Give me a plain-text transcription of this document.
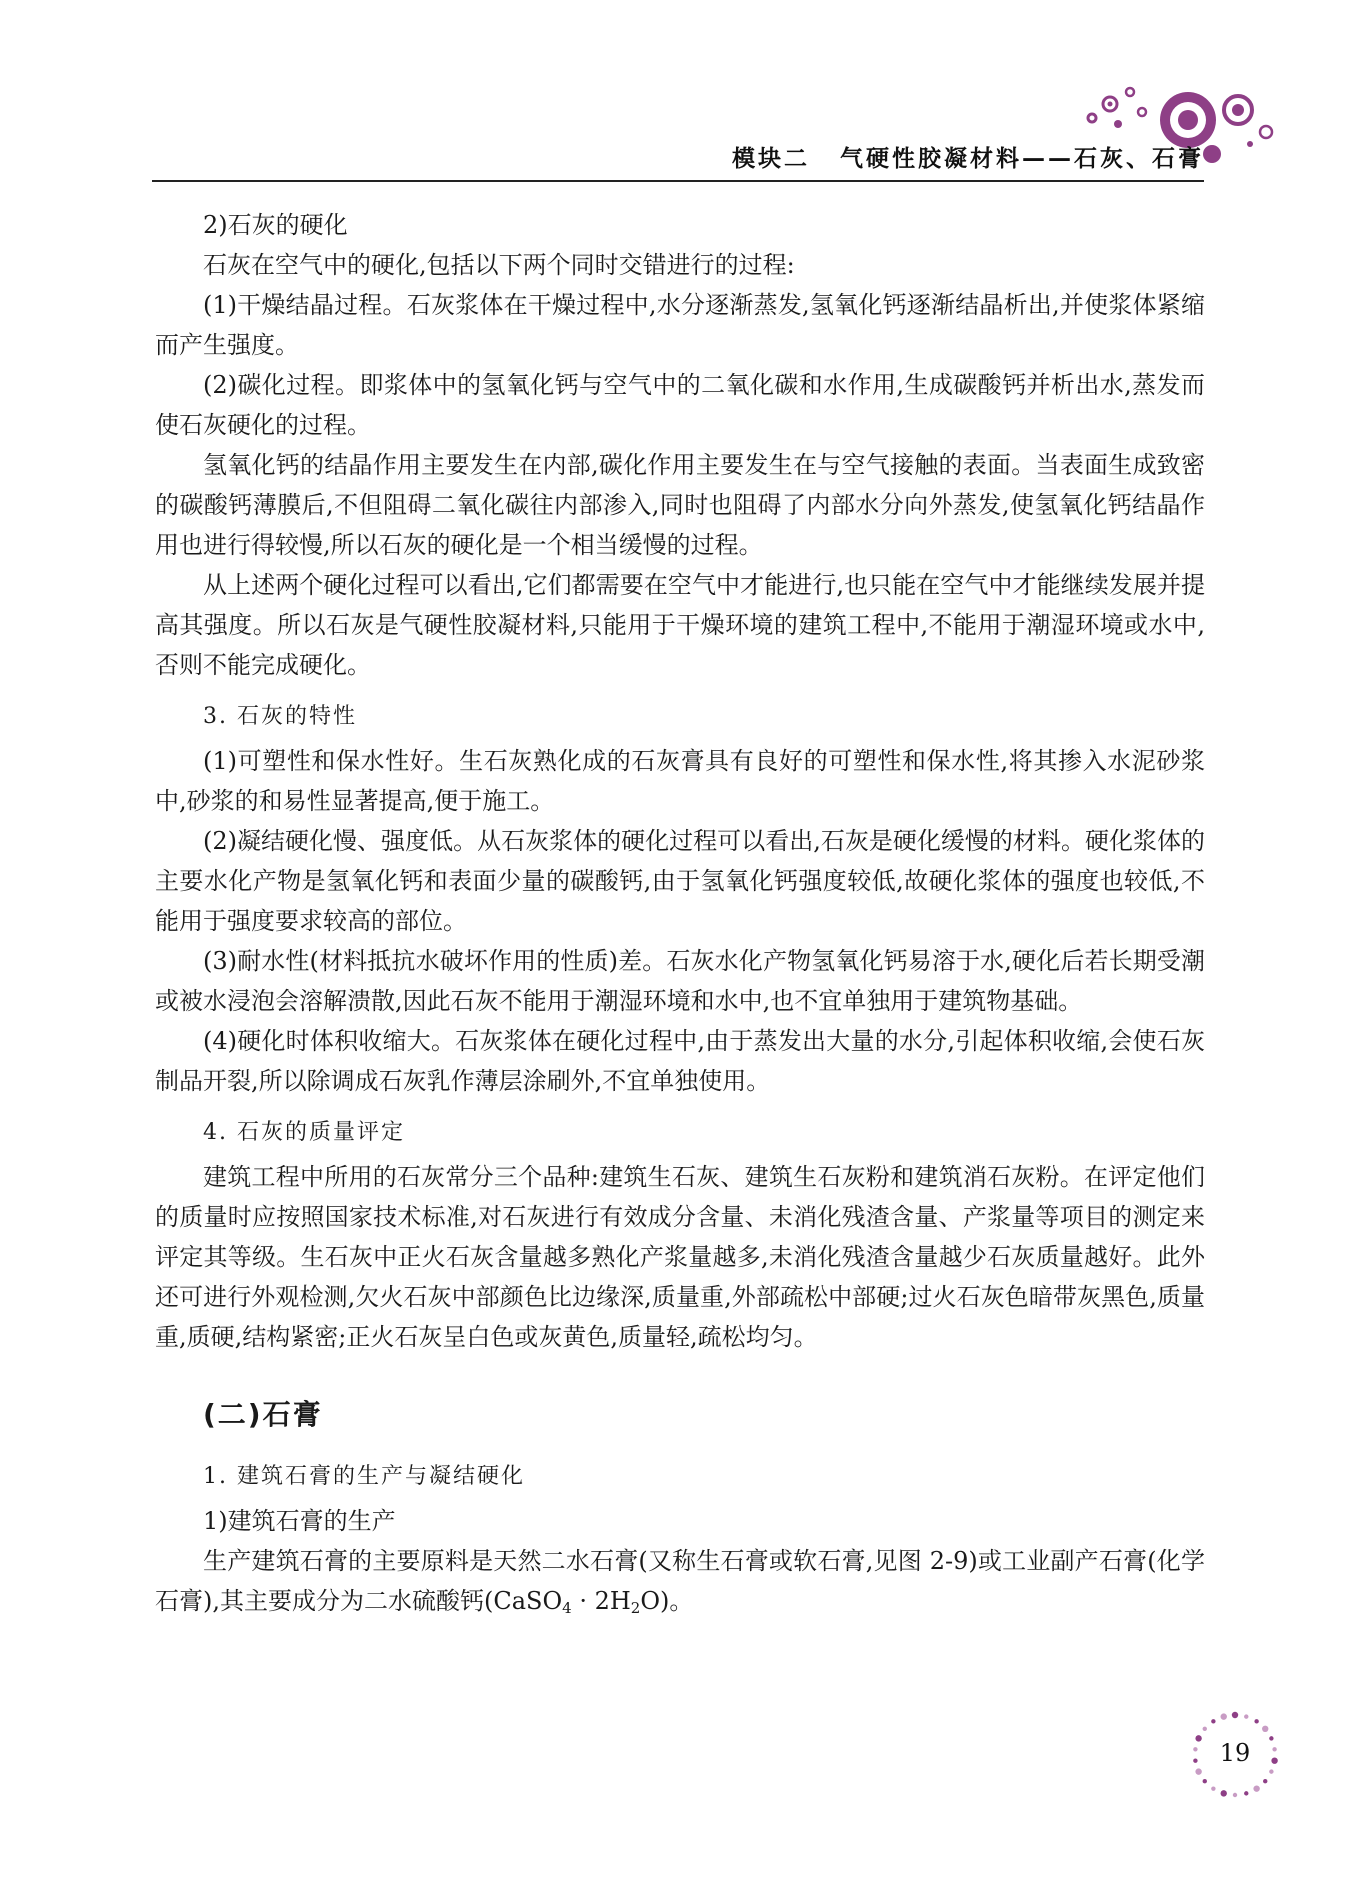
模块二 气硬性胶凝材料——石灰、石膏

2)石灰的硬化

石灰在空气中的硬化,包括以下两个同时交错进行的过程:

(1)干燥结晶过程。石灰浆体在干燥过程中,水分逐渐蒸发,氢氧化钙逐渐结晶析出,并使浆体紧缩而产生强度。

(2)碳化过程。即浆体中的氢氧化钙与空气中的二氧化碳和水作用,生成碳酸钙并析出水,蒸发而使石灰硬化的过程。

氢氧化钙的结晶作用主要发生在内部,碳化作用主要发生在与空气接触的表面。当表面生成致密的碳酸钙薄膜后,不但阻碍二氧化碳往内部渗入,同时也阻碍了内部水分向外蒸发,使氢氧化钙结晶作用也进行得较慢,所以石灰的硬化是一个相当缓慢的过程。

从上述两个硬化过程可以看出,它们都需要在空气中才能进行,也只能在空气中才能继续发展并提高其强度。所以石灰是气硬性胶凝材料,只能用于干燥环境的建筑工程中,不能用于潮湿环境或水中,否则不能完成硬化。

3. 石灰的特性

(1)可塑性和保水性好。生石灰熟化成的石灰膏具有良好的可塑性和保水性,将其掺入水泥砂浆中,砂浆的和易性显著提高,便于施工。

(2)凝结硬化慢、强度低。从石灰浆体的硬化过程可以看出,石灰是硬化缓慢的材料。硬化浆体的主要水化产物是氢氧化钙和表面少量的碳酸钙,由于氢氧化钙强度较低,故硬化浆体的强度也较低,不能用于强度要求较高的部位。

(3)耐水性(材料抵抗水破坏作用的性质)差。石灰水化产物氢氧化钙易溶于水,硬化后若长期受潮或被水浸泡会溶解溃散,因此石灰不能用于潮湿环境和水中,也不宜单独用于建筑物基础。

(4)硬化时体积收缩大。石灰浆体在硬化过程中,由于蒸发出大量的水分,引起体积收缩,会使石灰制品开裂,所以除调成石灰乳作薄层涂刷外,不宜单独使用。

4. 石灰的质量评定

建筑工程中所用的石灰常分三个品种:建筑生石灰、建筑生石灰粉和建筑消石灰粉。在评定他们的质量时应按照国家技术标准,对石灰进行有效成分含量、未消化残渣含量、产浆量等项目的测定来评定其等级。生石灰中正火石灰含量越多熟化产浆量越多,未消化残渣含量越少石灰质量越好。此外还可进行外观检测,欠火石灰中部颜色比边缘深,质量重,外部疏松中部硬;过火石灰色暗带灰黑色,质量重,质硬,结构紧密;正火石灰呈白色或灰黄色,质量轻,疏松均匀。

(二)石膏
1. 建筑石膏的生产与凝结硬化

1)建筑石膏的生产

生产建筑石膏的主要原料是天然二水石膏(又称生石膏或软石膏,见图 2-9)或工业副产石膏(化学石膏),其主要成分为二水硫酸钙(CaSO$_4$ · $2H_2O$)。

19
